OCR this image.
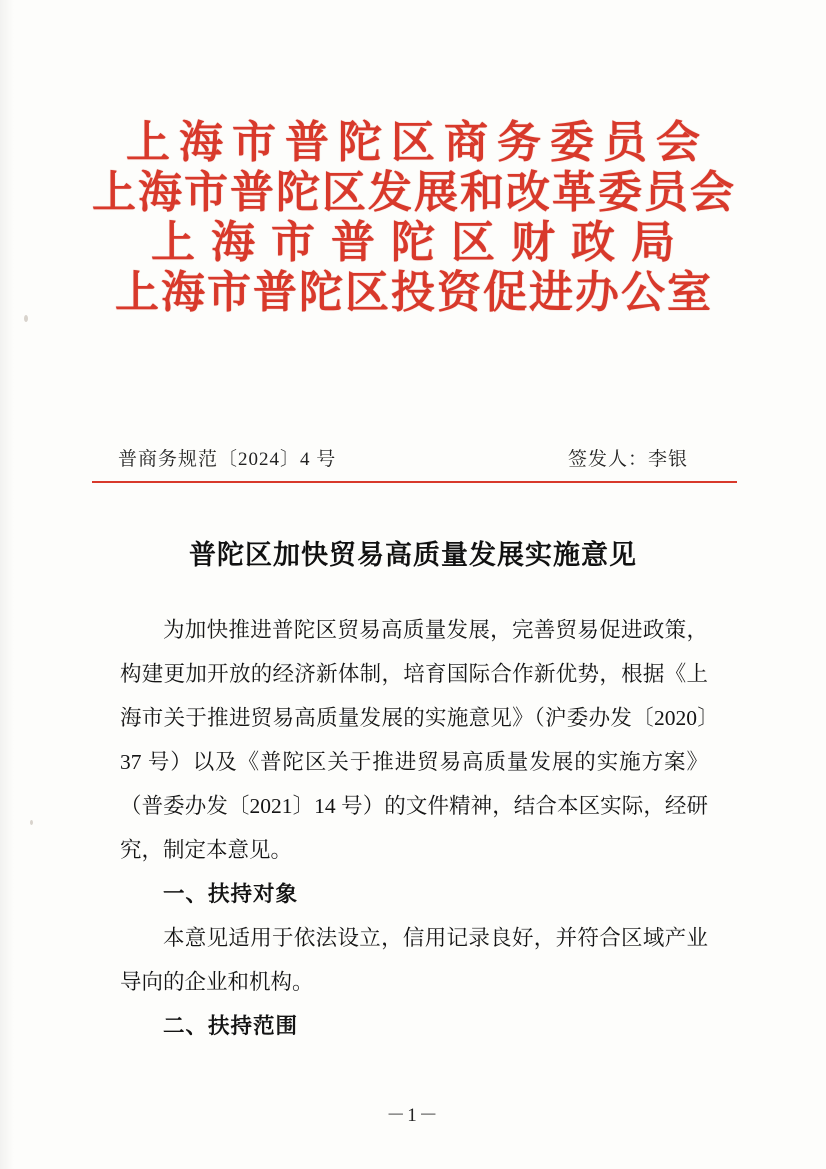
上海市普陀区商务委员会
上海市普陀区发展和改革委员会
上海市普陀区财政局
上海市普陀区投资促进办公室
普商务规范〔2024〕4 号	签发人：李银
普陀区加快贸易高质量发展实施意见

为加快推进普陀区贸易高质量发展，完善贸易促进政策，构建更加开放的经济新体制，培育国际合作新优势，根据《上海市关于推进贸易高质量发展的实施意见》（沪委办发〔2020〕37 号）以及《普陀区关于推进贸易高质量发展的实施方案》（普委办发〔2021〕14 号）的文件精神，结合本区实际，经研究，制定本意见。

一、扶持对象

本意见适用于依法设立，信用记录良好，并符合区域产业导向的企业和机构。

二、扶持范围

－1－
